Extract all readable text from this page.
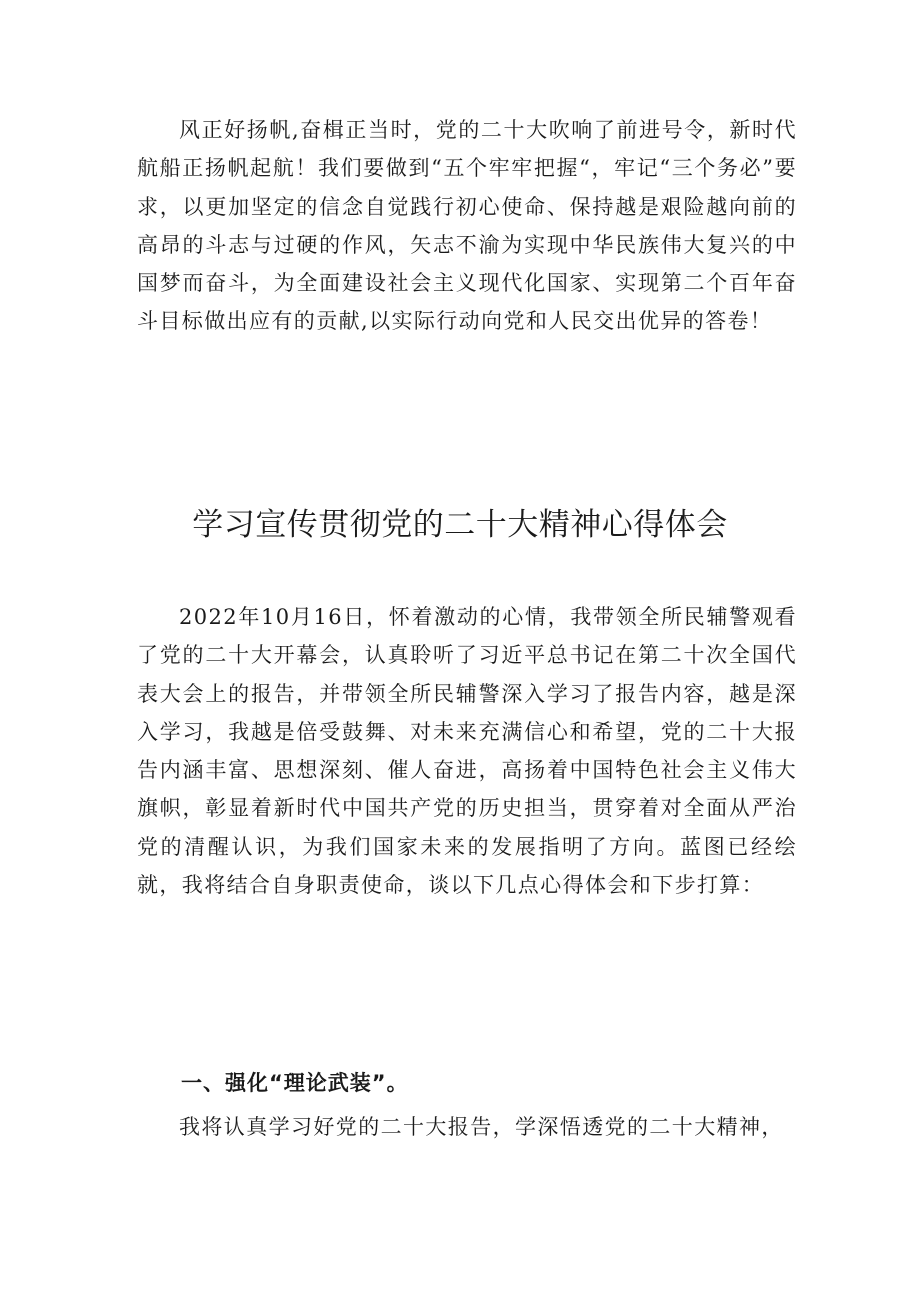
风正好扬帆,奋楫正当时，党的二十大吹响了前进号令，新时代航船正扬帆起航！我们要做到“五个牢牢把握“，牢记“三个务必”要求，以更加坚定的信念自觉践行初心使命、保持越是艰险越向前的高昂的斗志与过硬的作风，矢志不渝为实现中华民族伟大复兴的中国梦而奋斗，为全面建设社会主义现代化国家、实现第二个百年奋斗目标做出应有的贡献,以实际行动向党和人民交出优异的答卷！

学习宣传贯彻党的二十大精神心得体会

2022年10月16日，怀着激动的心情，我带领全所民辅警观看了党的二十大开幕会，认真聆听了习近平总书记在第二十次全国代表大会上的报告，并带领全所民辅警深入学习了报告内容，越是深入学习，我越是倍受鼓舞、对未来充满信心和希望，党的二十大报告内涵丰富、思想深刻、催人奋进，高扬着中国特色社会主义伟大旗帜，彰显着新时代中国共产党的历史担当，贯穿着对全面从严治党的清醒认识，为我们国家未来的发展指明了方向。蓝图已经绘就，我将结合自身职责使命，谈以下几点心得体会和下步打算：

一、强化“理论武装”。

我将认真学习好党的二十大报告，学深悟透党的二十大精神，
